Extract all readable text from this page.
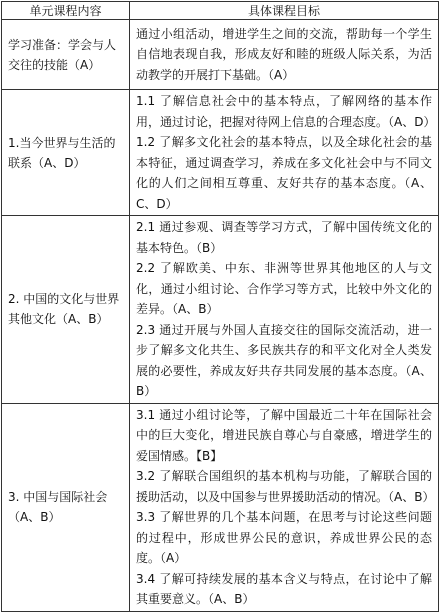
单元课程内容	具体课程目标
学习准备：学会与人交往的技能（A）	通过小组活动，增进学生之间的交流，帮助每一个学生自信地表现自我，形成友好和睦的班级人际关系，为活动教学的开展打下基础。（A）

1.当今世界与生活的联系（A、D）	1.1 了解信息社会中的基本特点，了解网络的基本作用，通过讨论，把握对待网上信息的合理态度。（A、D）
1.2 了解多文化社会的基本特点，以及全球化社会的基本特征，通过调查学习，养成在多文化社会中与不同文化的人们之间相互尊重、友好共存的基本态度。（A、C、D）

2. 中国的文化与世界其他文化（A、B）	2.1 通过参观、调查等学习方式，了解中国传统文化的基本特色。（B）
2.2 了解欧美、中东、非洲等世界其他地区的人与文化，通过小组讨论、合作学习等方式，比较中外文化的差异。（A、B）
2.3 通过开展与外国人直接交往的国际交流活动，进一步了解多文化共生、多民族共存的和平文化对全人类发展的必要性，养成友好共存共同发展的基本态度。（A、B）

3. 中国与国际社会（A、B）	3.1 通过小组讨论等，了解中国最近二十年在国际社会中的巨大变化，增进民族自尊心与自豪感，增进学生的爱国情感。【B】
3.2 了解联合国组织的基本机构与功能，了解联合国的援助活动，以及中国参与世界援助活动的情况。（A、B）
3.3 了解世界的几个基本问题，在思考与讨论这些问题的过程中，形成世界公民的意识，养成世界公民的态度。（A）
3.4 了解可持续发展的基本含义与特点，在讨论中了解其重要意义。（A、B）
